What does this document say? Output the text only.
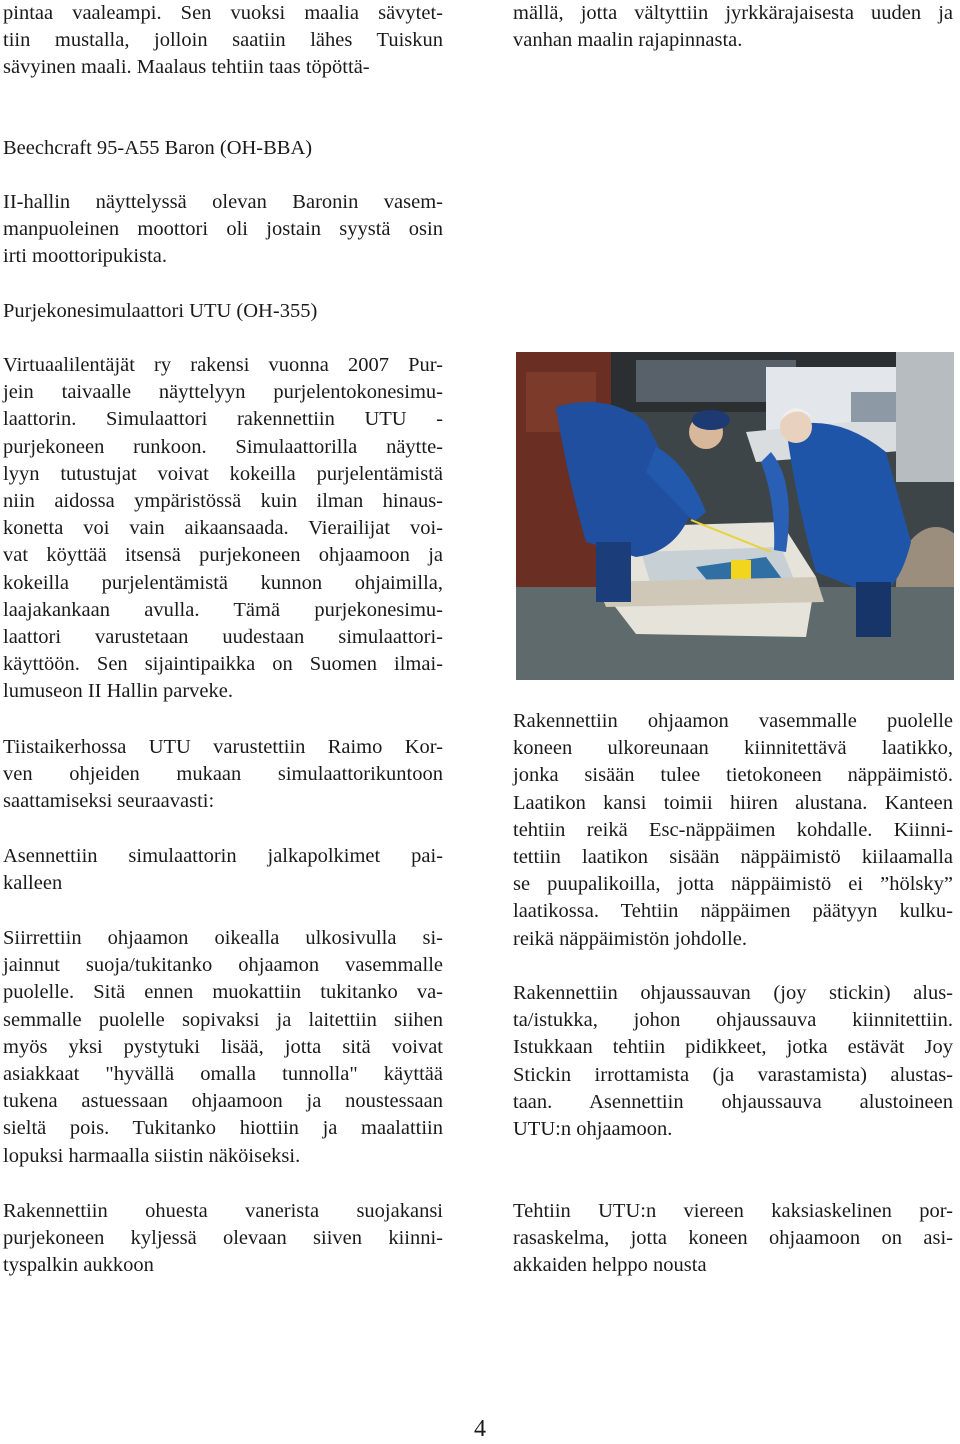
pintaa vaaleampi. Sen vuoksi maalia sävytet-
tiin mustalla, jolloin saatiin lähes Tuiskun
sävyinen maali. Maalaus tehtiin taas töpöttä-
Beechcraft 95-A55 Baron (OH-BBA)
II-hallin näyttelyssä olevan Baronin vasem-
manpuoleinen moottori oli jostain syystä osin
irti moottoripukista.
Purjekonesimulaattori UTU (OH-355)
Virtuaalilentäjät ry rakensi vuonna 2007 Pur-
jein taivaalle näyttelyyn purjelentokonesimu-
laattorin. Simulaattori rakennettiin UTU -
purjekoneen runkoon. Simulaattorilla näytte-
lyyn tutustujat voivat kokeilla purjelentämistä
niin aidossa ympäristössä kuin ilman hinaus-
konetta voi vain aikaansaada. Vierailijat voi-
vat köyttää itsensä purjekoneen ohjaamoon ja
kokeilla purjelentämistä kunnon ohjaimilla,
laajakankaan avulla. Tämä purjekonesimu-
laattori varustetaan uudestaan simulaattori-
käyttöön. Sen sijaintipaikka on Suomen ilmai-
lumuseon II Hallin parveke.
Tiistaikerhossa UTU varustettiin Raimo Kor-
ven ohjeiden mukaan simulaattorikuntoon
saattamiseksi seuraavasti:
Asennettiin simulaattorin jalkapolkimet pai-
kalleen
Siirrettiin ohjaamon oikealla ulkosivulla si-
jainnut suoja/tukitanko ohjaamon vasemmalle
puolelle. Sitä ennen muokattiin tukitanko va-
semmalle puolelle sopivaksi ja laitettiin siihen
myös yksi pystytuki lisää, jotta sitä voivat
asiakkaat "hyvällä omalla tunnolla" käyttää
tukena astuessaan ohjaamoon ja noustessaan
sieltä pois. Tukitanko hiottiin ja maalattiin
lopuksi harmaalla siistin näköiseksi.
Rakennettiin ohuesta vanerista suojakansi
purjekoneen kyljessä olevaan siiven kiinni-
tyspalkin aukkoon
mällä, jotta vältyttiin jyrkkärajaisesta uuden ja
vanhan maalin rajapinnasta.
Rakennettiin ohjaamon vasemmalle puolelle
koneen ulkoreunaan kiinnitettävä laatikko,
jonka sisään tulee tietokoneen näppäimistö.
Laatikon kansi toimii hiiren alustana. Kanteen
tehtiin reikä Esc-näppäimen kohdalle. Kiinni-
tettiin laatikon sisään näppäimistö kiilaamalla
se puupalikoilla, jotta näppäimistö ei ”hölsky”
laatikossa. Tehtiin näppäimen päätyyn kulku-
reikä näppäimistön johdolle.
Rakennettiin ohjaussauvan (joy stickin) alus-
ta/istukka, johon ohjaussauva kiinnitettiin.
Istukkaan tehtiin pidikkeet, jotka estävät Joy
Stickin irrottamista (ja varastamista) alustas-
taan. Asennettiin ohjaussauva alustoineen
UTU:n ohjaamoon.
Tehtiin UTU:n viereen kaksiaskelinen por-
rasaskelma, jotta koneen ohjaamoon on asi-
akkaiden helppo nousta
4
